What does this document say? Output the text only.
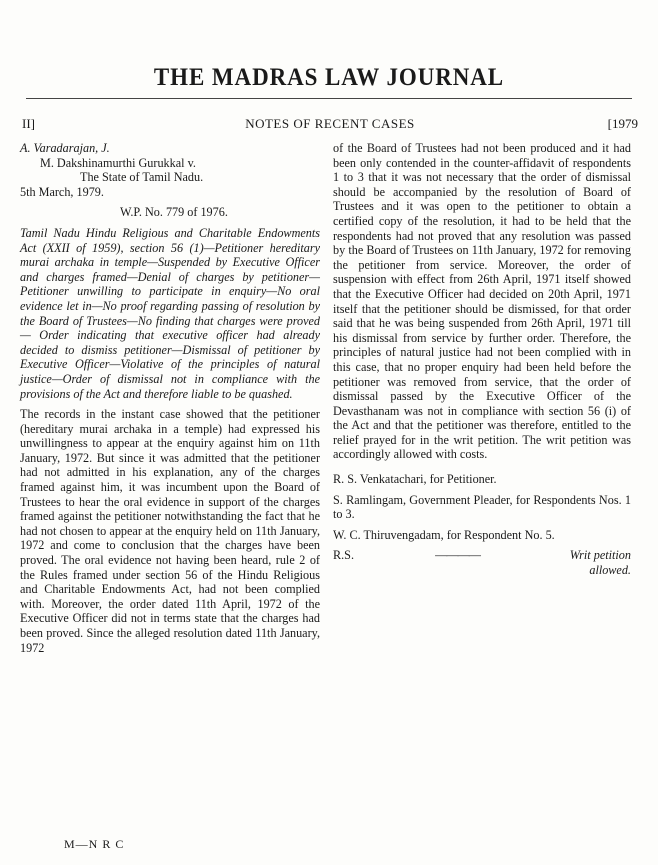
THE MADRAS LAW JOURNAL
II]	NOTES OF RECENT CASES	[1979

A. Varadarajan, J.

M. Dakshinamurthi Gurukkal v.

The State of Tamil Nadu.

5th March, 1979.

W.P. No. 779 of 1976.

Tamil Nadu Hindu Religious and Charitable Endowments Act (XXII of 1959), section 56 (1)—Petitioner hereditary murai archaka in temple—Suspended by Executive Officer and charges framed—Denial of charges by petitioner—Petitioner unwilling to participate in enquiry—No oral evidence let in—No proof regarding passing of resolution by the Board of Trustees—No finding that charges were proved — Order indicating that executive officer had already decided to dismiss petitioner—Dismissal of petitioner by Executive Officer—Violative of the principles of natural justice—Order of dismissal not in compliance with the provisions of the Act and therefore liable to be quashed.

The records in the instant case showed that the petitioner (hereditary murai archaka in a temple) had expressed his unwillingness to appear at the enquiry against him on 11th January, 1972. But since it was admitted that the petitioner had not admitted in his explanation, any of the charges framed against him, it was incumbent upon the Board of Trustees to hear the oral evidence in support of the charges framed against the petitioner notwithstanding the fact that he had not chosen to appear at the enquiry held on 11th January, 1972 and come to conclusion that the charges have been proved. The oral evidence not having been heard, rule 2 of the Rules framed under section 56 of the Hindu Religious and Charitable Endowments Act, had not been complied with. Moreover, the order dated 11th April, 1972 of the Executive Officer did not in terms state that the charges had been proved. Since the alleged resolution dated 11th January, 1972

of the Board of Trustees had not been produced and it had been only contended in the counter-affidavit of respondents 1 to 3 that it was not necessary that the order of dismissal should be accompanied by the resolution of Board of Trustees and it was open to the petitioner to obtain a certified copy of the resolution, it had to be held that the respondents had not proved that any resolution was passed by the Board of Trustees on 11th January, 1972 for removing the petitioner from service. Moreover, the order of suspension with effect from 26th April, 1971 itself showed that the Executive Officer had decided on 20th April, 1971 itself that the petitioner should be dismissed, for that order said that he was being suspended from 26th April, 1971 till his dismissal from service by further order. Therefore, the principles of natural justice had not been complied with in this case, that no proper enquiry had been held before the petitioner was removed from service, that the order of dismissal passed by the Executive Officer of the Devasthanam was not in compliance with section 56 (i) of the Act and that the petitioner was therefore, entitled to the relief prayed for in the writ petition. The writ petition was accordingly allowed with costs.

R. S. Venkatachari, for Petitioner.

S. Ramlingam, Government Pleader, for Respondents Nos. 1 to 3.

W. C. Thiruvengadam, for Respondent No. 5.

R.S.	————	Writ petition allowed.
M—N R C
